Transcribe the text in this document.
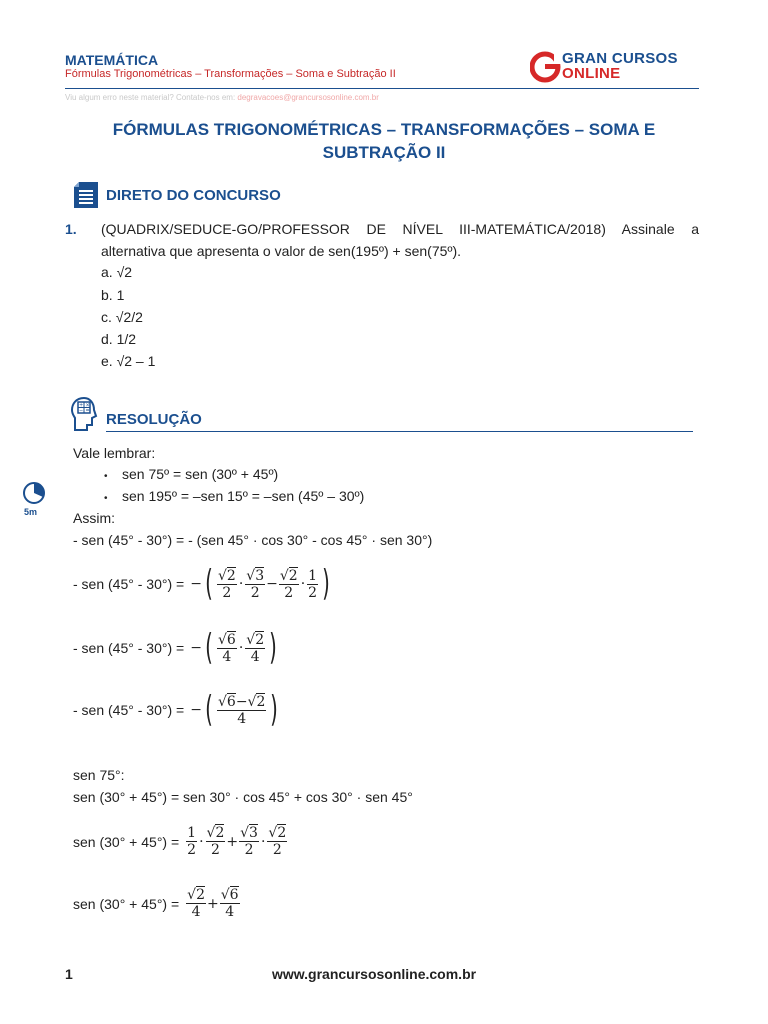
MATEMÁTICA
Fórmulas Trigonométricas – Transformações – Soma e Subtração II
Viu algum erro neste material? Contate-nos em: degravacoes@grancursosonline.com.br
GRAN CURSOS
ONLINE
FÓRMULAS TRIGONOMÉTRICAS – TRANSFORMAÇÕES – SOMA E SUBTRAÇÃO II
DIRETO DO CONCURSO
1. (QUADRIX/SEDUCE-GO/PROFESSOR DE NÍVEL III-MATEMÁTICA/2018) Assinale a alternativa que apresenta o valor de sen(195º) + sen(75º).
a. √2
b. 1
c. √2/2
d. 1/2
e. √2 – 1
+ ×
− = RESOLUÇÃO
5m
Vale lembrar:
• sen 75º = sen (30º + 45º)
• sen 195º = –sen 15º = –sen (45º – 30º)
Assim:
- sen (45° - 30°) = - (sen 45° · cos 30° - cos 45° · sen 30°)
- sen (45° - 30°) = − ( √ $\frac{2}{2}$ · √ $\frac{3}{2}$ − √ $\frac{2}{2} \cdot \frac{1}{2}$ )
- sen (45° - 30°) = − ( √ $\frac{6}{4}$ · √ $\frac{2}{4}$ )
- sen (45° - 30°) = − ( √ $\frac{6- √ 2}{4}$ )
sen 75°:
sen (30° + 45°) = sen 30° · cos 45° + cos 30° · sen 45°
sen $(30^\circ + 45^\circ) = \frac{1}{2}$ · √ $\frac{2}{2}$ + √ $\frac{3}{2}$ · √ $\frac{2}{2}$
sen (30° + 45°) = √ $\frac{2}{4}$ + √ $\frac{6}{4}$
1	www.grancursosonline.com.br
